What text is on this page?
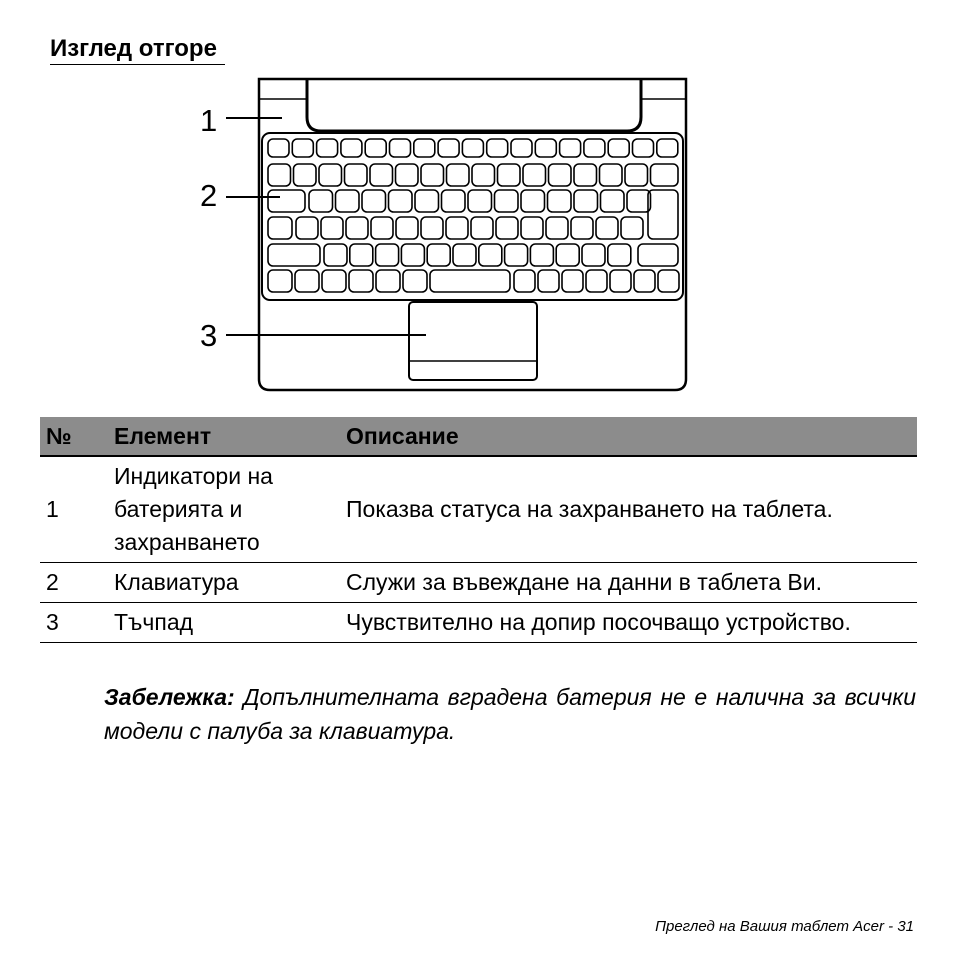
Изглед отгоре
1
2
3
№	Елемент	Описание
1	Индикатори на батерията и захранването	Показва статуса на захранването на таблета.
2	Клавиатура	Служи за въвеждане на данни в таблета Ви.
3	Тъчпад	Чувствително на допир посочващо устройство.
Забележка: Допълнителната вградена батерия не е налична за всички модели с палуба за клавиатура.
Преглед на Вашия таблет Acer - 31
